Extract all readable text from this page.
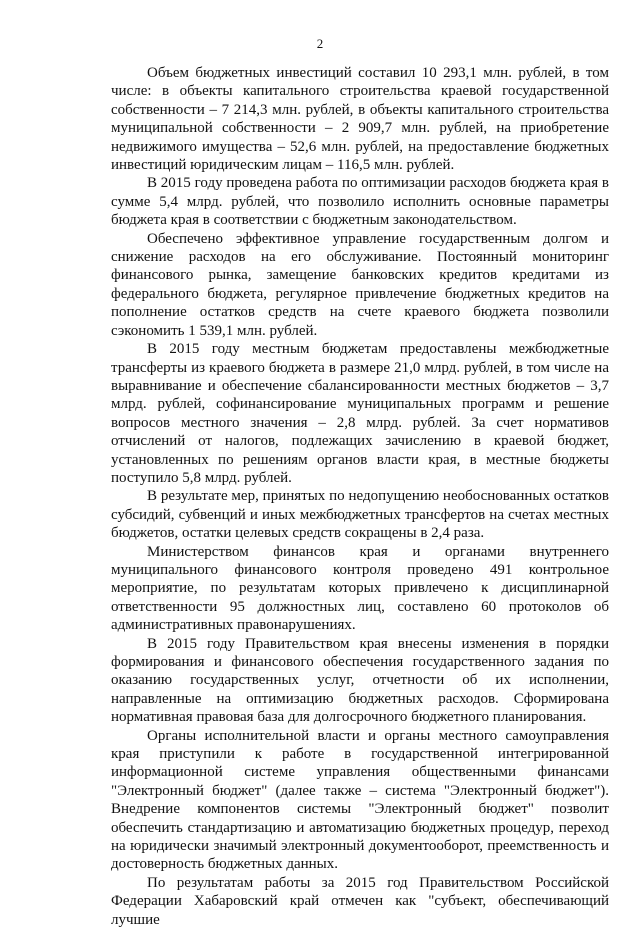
2

Объем бюджетных инвестиций составил 10 293,1 млн. рублей, в том числе: в объекты капитального строительства краевой государственной собственности – 7 214,3 млн. рублей, в объекты капитального строительства муниципальной собственности – 2 909,7 млн. рублей, на приобретение недвижимого имущества – 52,6 млн. рублей, на предоставление бюджетных инвестиций юридическим лицам – 116,5 млн. рублей.

В 2015 году проведена работа по оптимизации расходов бюджета края в сумме 5,4 млрд. рублей, что позволило исполнить основные параметры бюджета края в соответствии с бюджетным законодательством.

Обеспечено эффективное управление государственным долгом и снижение расходов на его обслуживание. Постоянный мониторинг финансового рынка, замещение банковских кредитов кредитами из федерального бюджета, регулярное привлечение бюджетных кредитов на пополнение остатков средств на счете краевого бюджета позволили сэкономить 1 539,1 млн. рублей.

В 2015 году местным бюджетам предоставлены межбюджетные трансферты из краевого бюджета в размере 21,0 млрд. рублей, в том числе на выравнивание и обеспечение сбалансированности местных бюджетов – 3,7 млрд. рублей, софинансирование муниципальных программ и решение вопросов местного значения – 2,8 млрд. рублей. За счет нормативов отчислений от налогов, подлежащих зачислению в краевой бюджет, установленных по решениям органов власти края, в местные бюджеты поступило 5,8 млрд. рублей.

В результате мер, принятых по недопущению необоснованных остатков субсидий, субвенций и иных межбюджетных трансфертов на счетах местных бюджетов, остатки целевых средств сокращены в 2,4 раза.

Министерством финансов края и органами внутреннего муниципального финансового контроля проведено 491 контрольное мероприятие, по результатам которых привлечено к дисциплинарной ответственности 95 должностных лиц, составлено 60 протоколов об административных правонарушениях.

В 2015 году Правительством края внесены изменения в порядки формирования и финансового обеспечения государственного задания по оказанию государственных услуг, отчетности об их исполнении, направленные на оптимизацию бюджетных расходов. Сформирована нормативная правовая база для долгосрочного бюджетного планирования.

Органы исполнительной власти и органы местного самоуправления края приступили к работе в государственной интегрированной информационной системе управления общественными финансами "Электронный бюджет" (далее также – система "Электронный бюджет"). Внедрение компонентов системы "Электронный бюджет" позволит обеспечить стандартизацию и автоматизацию бюджетных процедур, переход на юридически значимый электронный документооборот, преемственность и достоверность бюджетных данных.

По результатам работы за 2015 год Правительством Российской Федерации Хабаровский край отмечен как "субъект, обеспечивающий лучшие
